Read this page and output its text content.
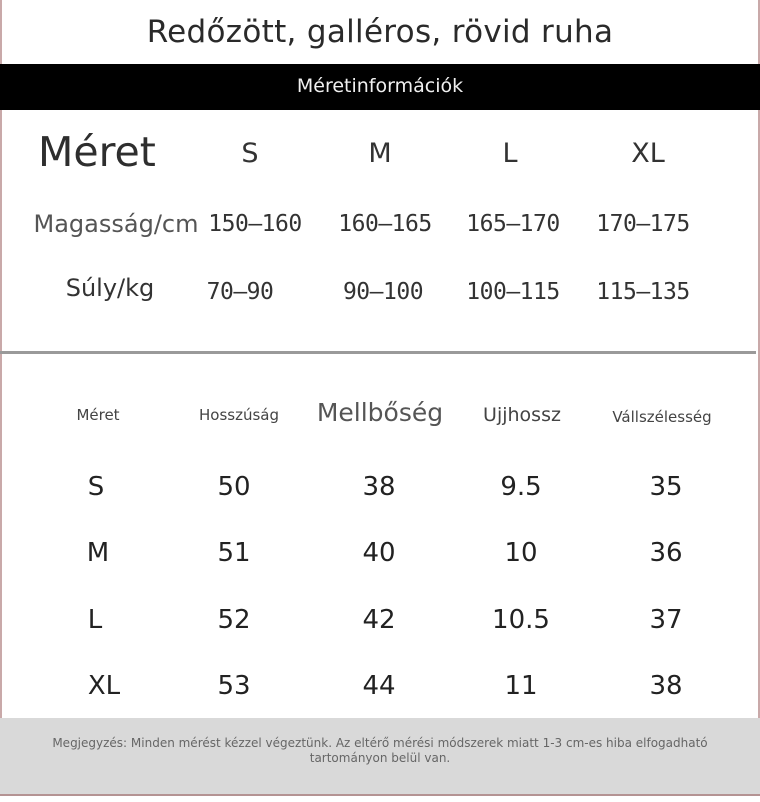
Redőzött, galléros, rövid ruha
Méretinformációk
Méret	S	M	L	XL
Magasság/cm 150–160	160–165	165–170	170–175
Súly/kg	70–90	90–100	100–115	115–135
Méret	Hosszúság	Mellbőség	Ujjhossz	Vállszélesség
S	50	38	9.5	35
M	51	40	10	36
L	52	42	10.5	37
XL	53	44	11	38
Megjegyzés: Minden mérést kézzel végeztünk. Az eltérő mérési módszerek miatt 1-3 cm-es hiba elfogadható tartományon belül van.
